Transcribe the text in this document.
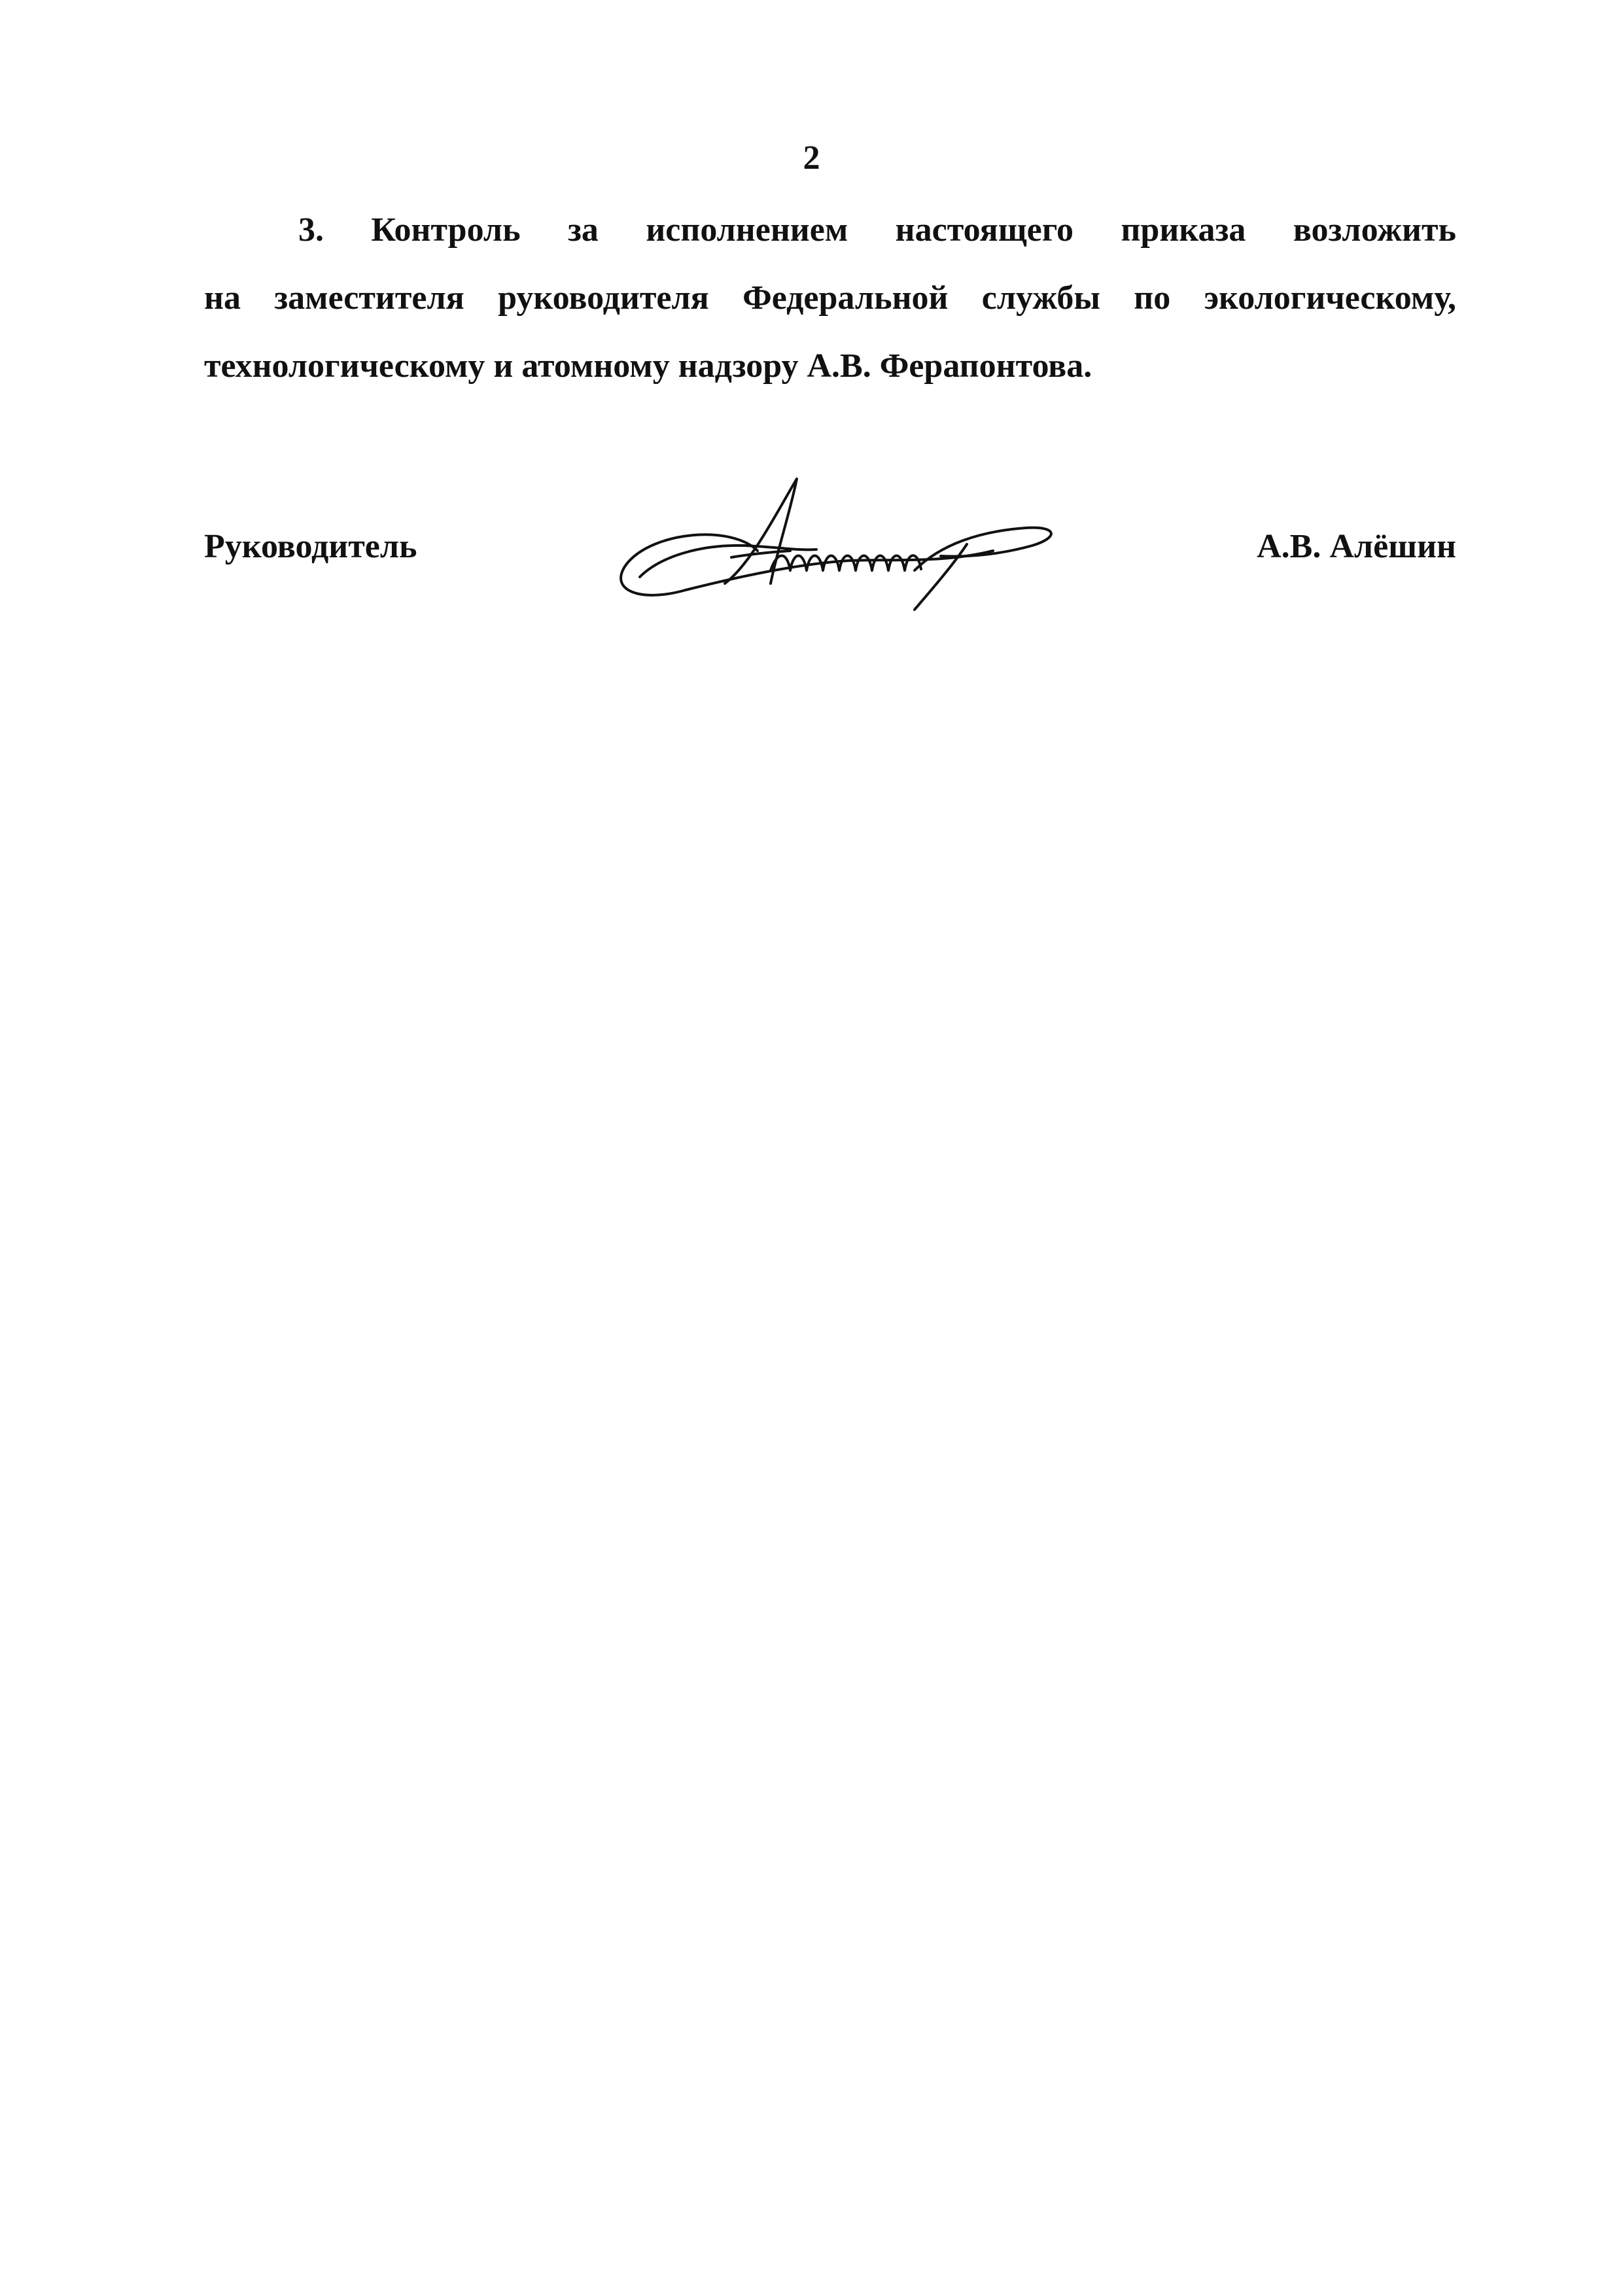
2
3. Контроль за исполнением настоящего приказа возложить
на заместителя руководителя Федеральной службы по экологическому,
технологическому и атомному надзору А.В. Ферапонтова.
Руководитель	А.В. Алёшин
